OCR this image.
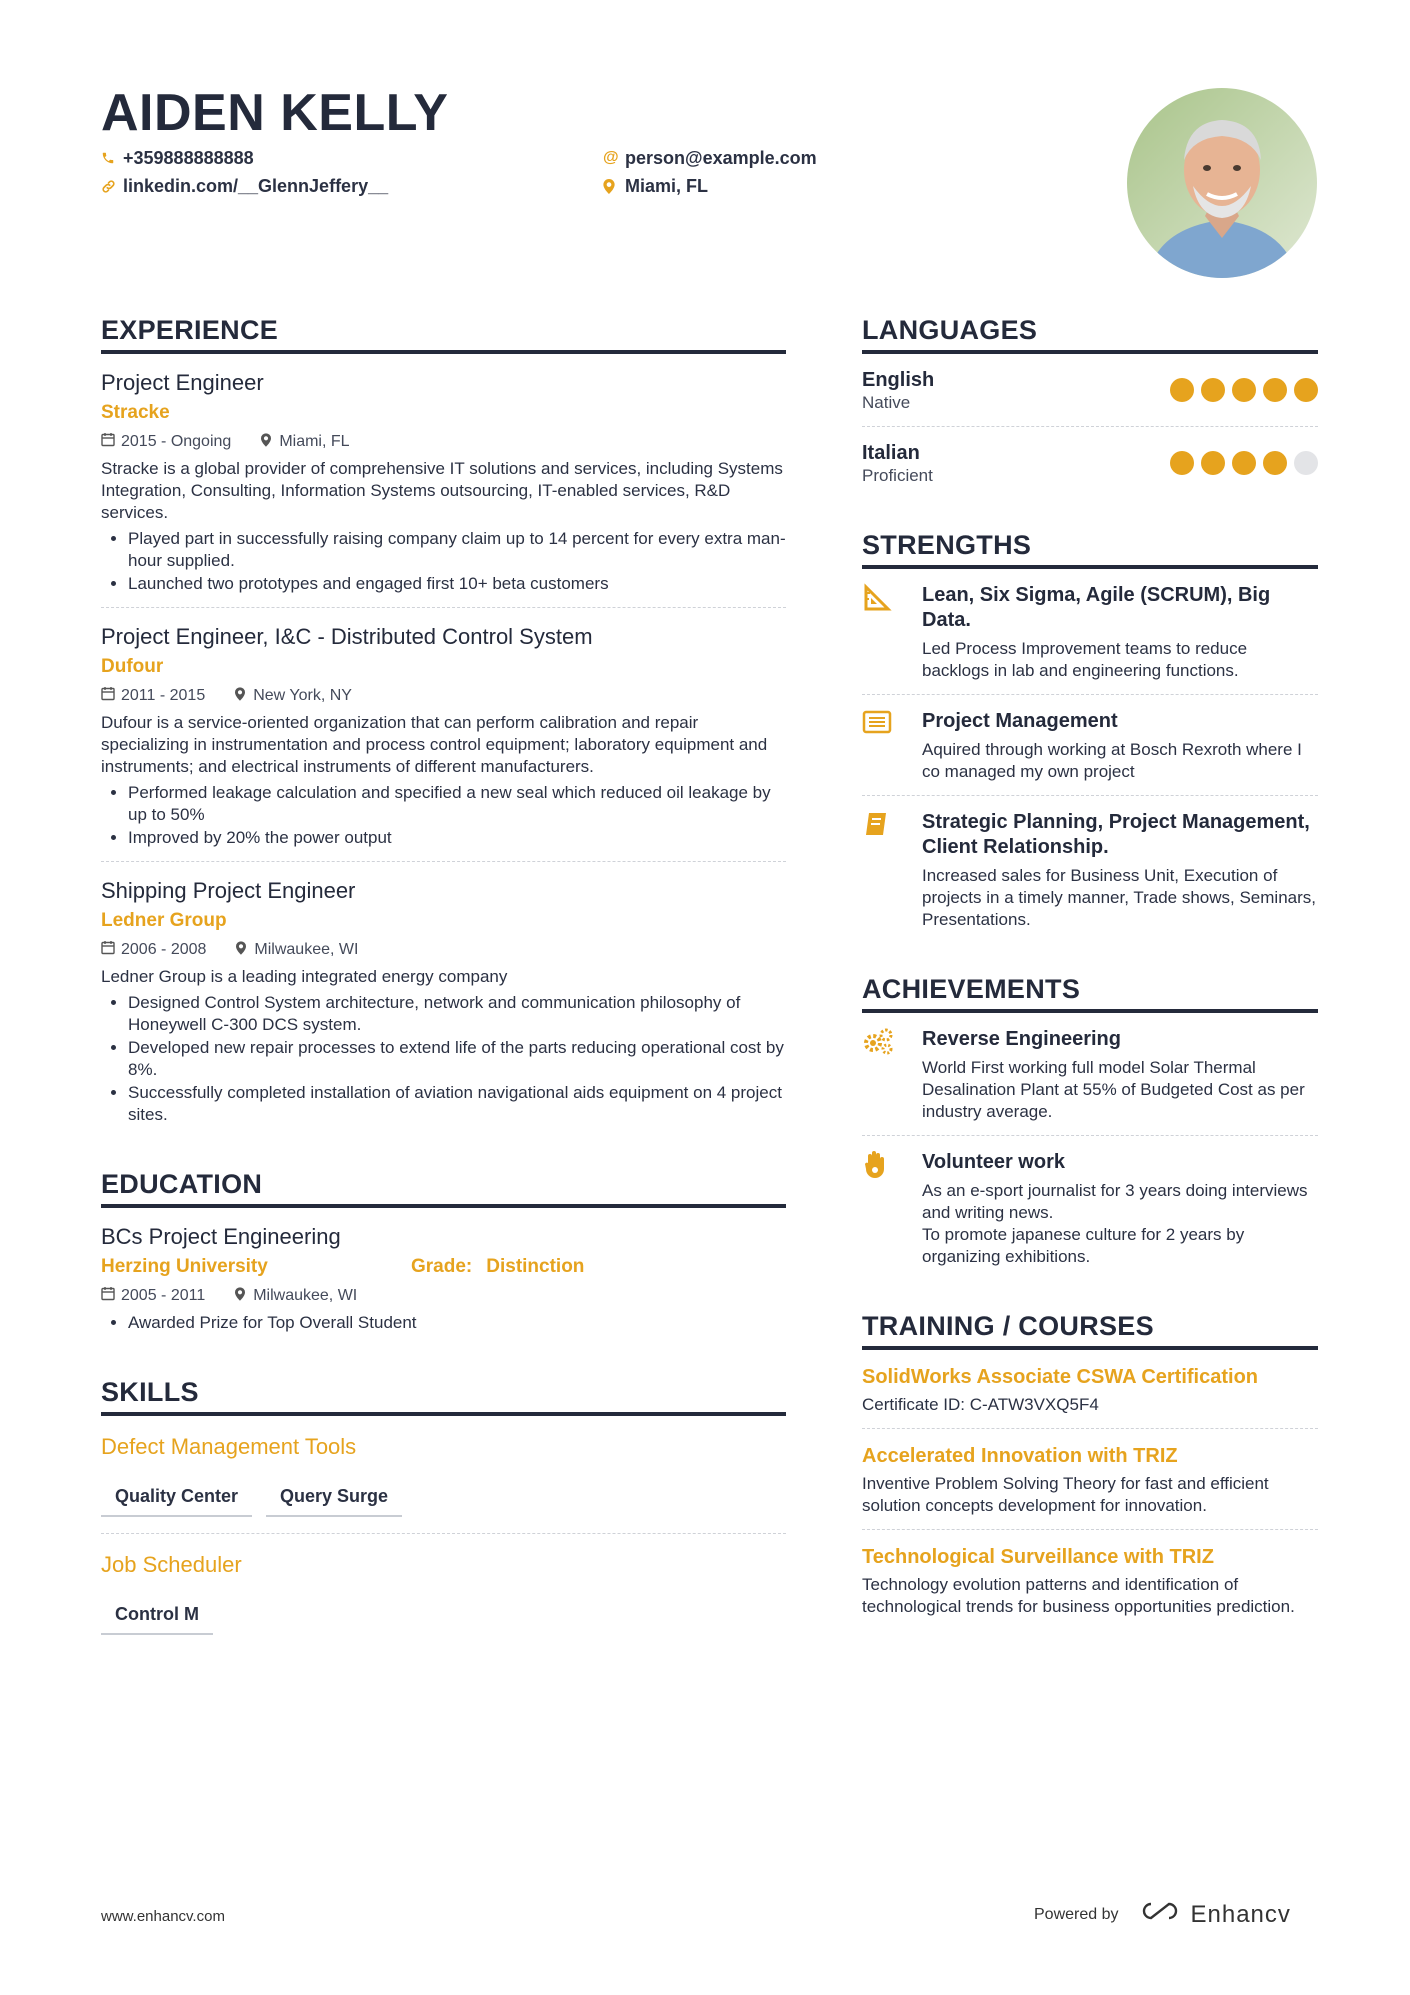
AIDEN KELLY
+359888888888
linkedin.com/__GlennJeffery__
@ person@example.com
Miami, FL
EXPERIENCE
Project Engineer
Stracke
2015 - Ongoing	Miami, FL
Stracke is a global provider of comprehensive IT solutions and services, including Systems Integration, Consulting, Information Systems outsourcing, IT-enabled services, R&D services.
• Played part in successfully raising company claim up to 14 percent for every extra man-hour supplied.
• Launched two prototypes and engaged first 10+ beta customers
Project Engineer, I&C - Distributed Control System
Dufour
2011 - 2015	New York, NY
Dufour is a service-oriented organization that can perform calibration and repair specializing in instrumentation and process control equipment; laboratory equipment and instruments; and electrical instruments of different manufacturers.
• Performed leakage calculation and specified a new seal which reduced oil leakage by up to 50%
• Improved by 20% the power output
Shipping Project Engineer
Ledner Group
2006 - 2008	Milwaukee, WI
Ledner Group is a leading integrated energy company
• Designed Control System architecture, network and communication philosophy of Honeywell C-300 DCS system.
• Developed new repair processes to extend life of the parts reducing operational cost by 8%.
• Successfully completed installation of aviation navigational aids equipment on 4 project sites.
EDUCATION
BCs Project Engineering
Herzing University	Grade: Distinction
2005 - 2011	Milwaukee, WI
• Awarded Prize for Top Overall Student
SKILLS
Defect Management Tools
Quality Center	Query Surge
Job Scheduler
Control M
LANGUAGES
English
Native
Italian
Proficient
STRENGTHS
Lean, Six Sigma, Agile (SCRUM), Big Data.
Led Process Improvement teams to reduce backlogs in lab and engineering functions.
Project Management
Aquired through working at Bosch Rexroth where I co managed my own project
Strategic Planning, Project Management, Client Relationship.
Increased sales for Business Unit, Execution of projects in a timely manner, Trade shows, Seminars, Presentations.
ACHIEVEMENTS
Reverse Engineering
World First working full model Solar Thermal Desalination Plant at 55% of Budgeted Cost as per industry average.
Volunteer work
As an e-sport journalist for 3 years doing interviews and writing news.
To promote japanese culture for 2 years by organizing exhibitions.
TRAINING / COURSES
SolidWorks Associate CSWA Certification
Certificate ID: C-ATW3VXQ5F4
Accelerated Innovation with TRIZ
Inventive Problem Solving Theory for fast and efficient solution concepts development for innovation.
Technological Surveillance with TRIZ
Technology evolution patterns and identification of technological trends for business opportunities prediction.
www.enhancv.com	Powered by	Enhancv
